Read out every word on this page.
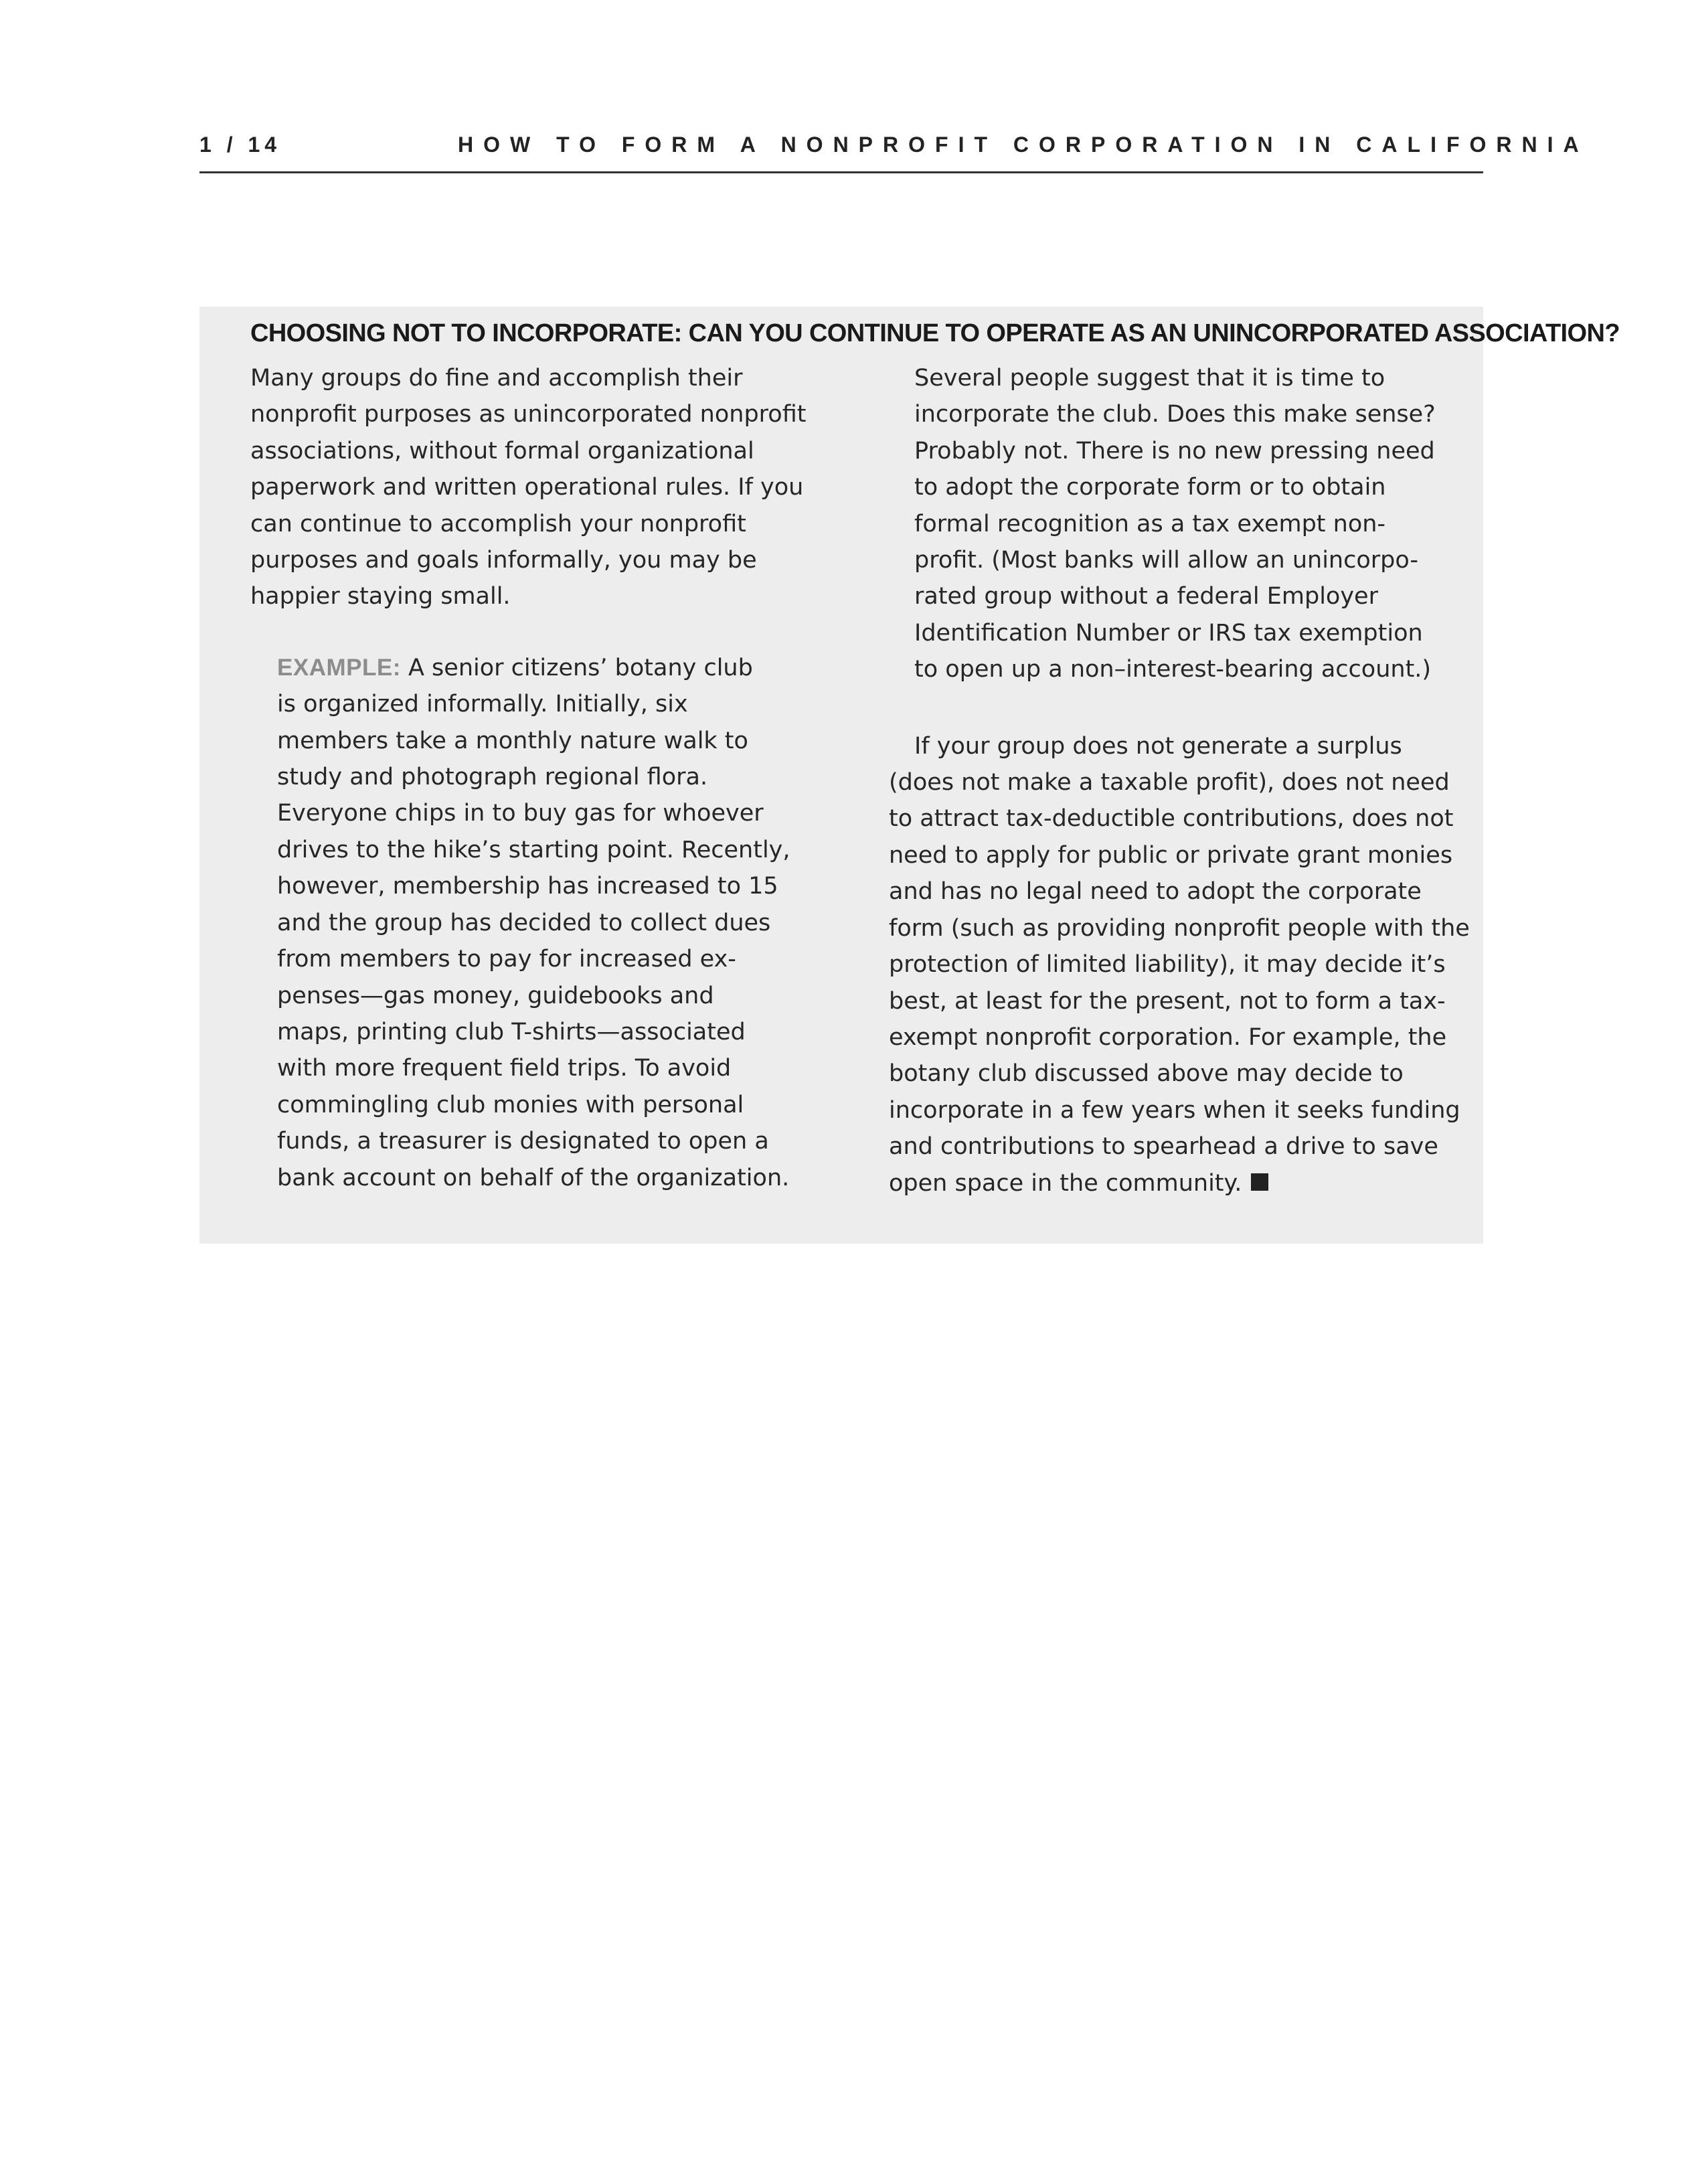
1 / 14	HOW TO FORM A NONPROFIT CORPORATION IN CALIFORNIA
CHOOSING NOT TO INCORPORATE: CAN YOU CONTINUE TO OPERATE AS AN UNINCORPORATED ASSOCIATION?

Many groups do fine and accomplish their
nonprofit purposes as unincorporated nonprofit
associations, without formal organizational
paperwork and written operational rules. If you
can continue to accomplish your nonprofit
purposes and goals informally, you may be
happier staying small.

EXAMPLE: A senior citizens’ botany club
is organized informally. Initially, six
members take a monthly nature walk to
study and photograph regional flora.
Everyone chips in to buy gas for whoever
drives to the hike’s starting point. Recently,
however, membership has increased to 15
and the group has decided to collect dues
from members to pay for increased ex-
penses—gas money, guidebooks and
maps, printing club T-shirts—associated
with more frequent field trips. To avoid
commingling club monies with personal
funds, a treasurer is designated to open a
bank account on behalf of the organization.
Several people suggest that it is time to
incorporate the club. Does this make sense?
Probably not. There is no new pressing need
to adopt the corporate form or to obtain
formal recognition as a tax exempt non-
profit. (Most banks will allow an unincorpo-
rated group without a federal Employer
Identification Number or IRS tax exemption
to open up a non–interest-bearing account.)

If your group does not generate a surplus
(does not make a taxable profit), does not need
to attract tax-deductible contributions, does not
need to apply for public or private grant monies
and has no legal need to adopt the corporate
form (such as providing nonprofit people with the
protection of limited liability), it may decide it’s
best, at least for the present, not to form a tax-
exempt nonprofit corporation. For example, the
botany club discussed above may decide to
incorporate in a few years when it seeks funding
and contributions to spearhead a drive to save
open space in the community.
